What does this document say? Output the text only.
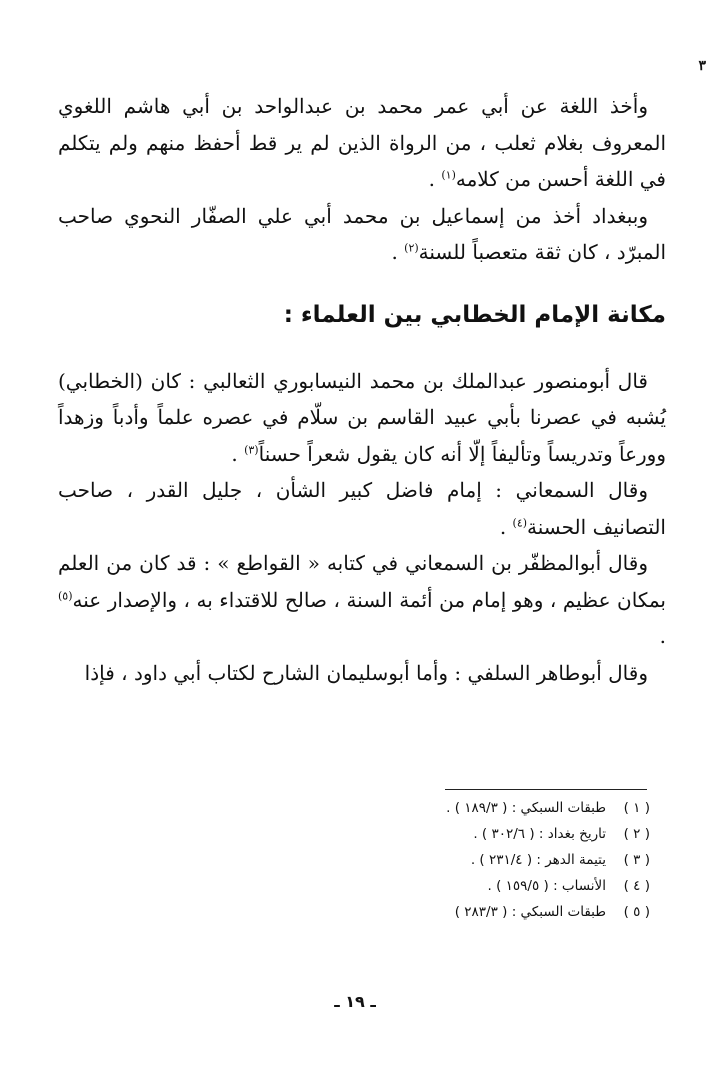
٣

وأخذ اللغة عن أبي عمر محمد بن عبدالواحد بن أبي هاشم اللغوي المعروف بغلام ثعلب ، من الرواة الذين لم ير قط أحفظ منهم ولم يتكلم في اللغة أحسن من كلامه$^{(١)}$ .

وببغداد أخذ من إسماعيل بن محمد أبي علي الصفّار النحوي صاحب المبرّد ، كان ثقة متعصباً للسنة$^{(٢)}$ .

مكانة الإمام الخطابي بين العلماء :

قال أبومنصور عبدالملك بن محمد النيسابوري الثعالبي : كان (الخطابي) يُشبه في عصرنا بأبي عبيد القاسم بن سلّام في عصره علماً وأدباً وزهداً وورعاً وتدريساً وتأليفاً إلّا أنه كان يقول شعراً حسناً$^{(٣)}$ .

وقال السمعاني : إمام فاضل كبير الشأن ، جليل القدر ، صاحب التصانيف الحسنة$^{(٤)}$ .

وقال أبوالمظفّر بن السمعاني في كتابه « القواطع » : قد كان من العلم بمكان عظيم ، وهو إمام من أئمة السنة ، صالح للاقتداء به ، والإصدار عنه$^{(٥)}$ .

وقال أبوطاهر السلفي : وأما أبوسليمان الشارح لكتاب أبي داود ، فإذا

( ١ )
طبقات السبكي : ( ١٨٩/٣ ) .
( ٢ )
تاريخ بغداد : ( ٣٠٢/٦ ) .
( ٣ )
يتيمة الدهر : ( ٢٣١/٤ ) .
( ٤ )
الأنساب : ( ١٥٩/٥ ) .
( ٥ )
طبقات السبكي : ( ٢٨٣/٣ )
ـ ١٩ ـ
